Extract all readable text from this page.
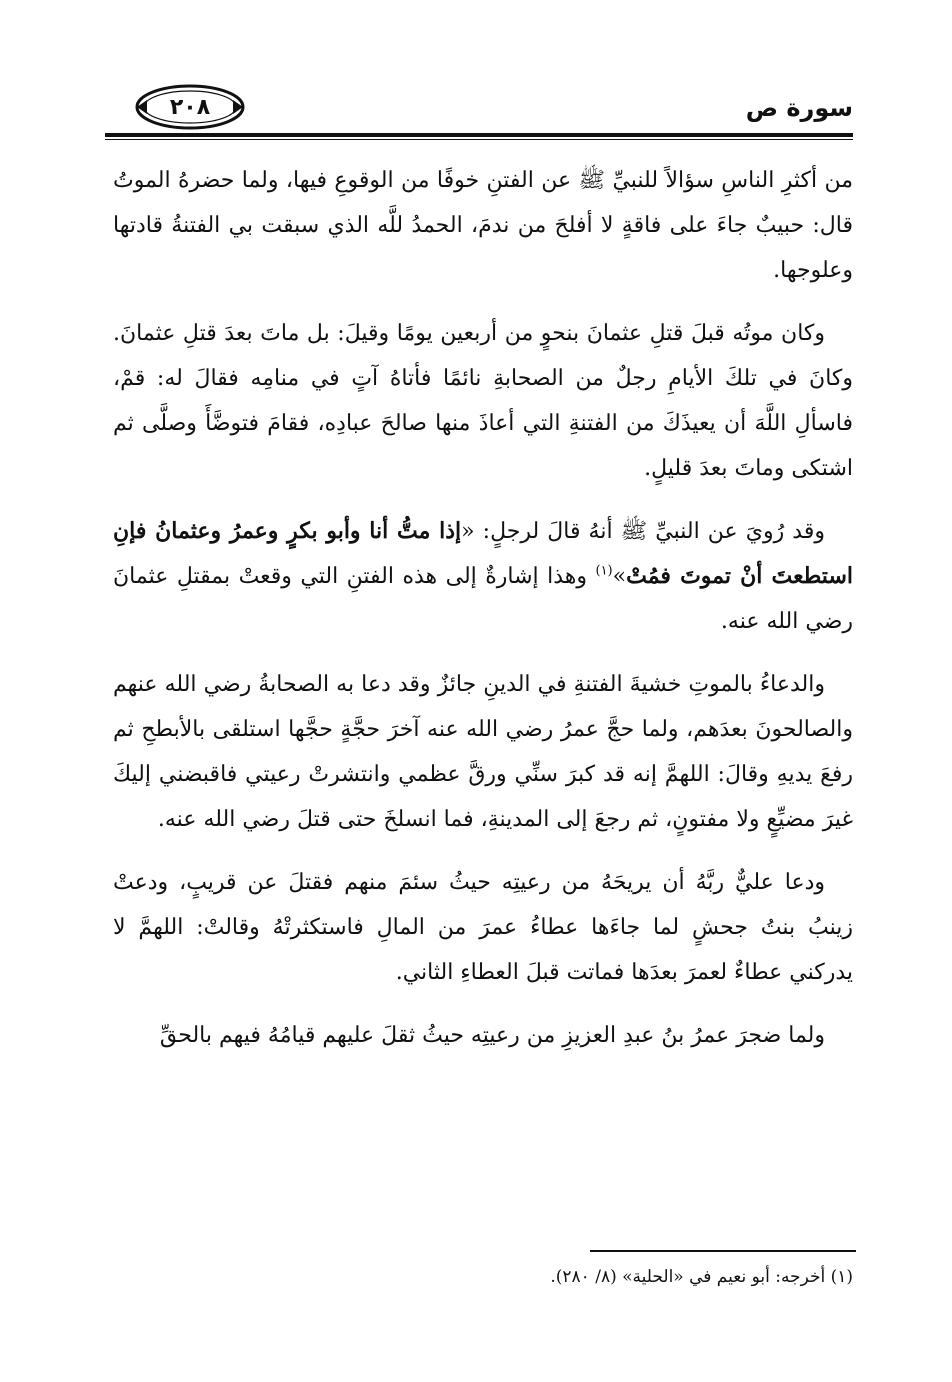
سورة ص
٢٠٨

من أكثرِ الناسِ سؤالاً للنبيِّ ﷺ عن الفتنِ خوفًا من الوقوعِ فيها، ولما حضرهُ الموتُ قال: حبيبٌ جاءَ على فاقةٍ لا أفلحَ من ندمَ، الحمدُ للَّه الذي سبقت بي الفتنةُ قادتها وعلوجها.

وكان موتُه قبلَ قتلِ عثمانَ بنحوٍ من أربعين يومًا وقيلَ: بل ماتَ بعدَ قتلِ عثمانَ. وكانَ في تلكَ الأيامِ رجلٌ من الصحابةِ نائمًا فأتاهُ آتٍ في منامِه فقالَ له: قمْ، فاسألِ اللَّهَ أن يعيذَكَ من الفتنةِ التي أعاذَ منها صالحَ عبادِه، فقامَ فتوضَّأَ وصلَّى ثم اشتكى وماتَ بعدَ قليلٍ.

وقد رُويَ عن النبيِّ ﷺ أنهُ قالَ لرجلٍ: «إذا متُّ أنا وأبو بكرٍ وعمرُ وعثمانُ فإنِ استطعتَ أنْ تموتَ فمُتْ»$^{(١)}$ وهذا إشارةٌ إلى هذه الفتنِ التي وقعتْ بمقتلِ عثمانَ رضي الله عنه.

والدعاءُ بالموتِ خشيةَ الفتنةِ في الدينِ جائزٌ وقد دعا به الصحابةُ رضي الله عنهم والصالحونَ بعدَهم، ولما حجَّ عمرُ رضي الله عنه آخرَ حجَّةٍ حجَّها استلقى بالأبطحِ ثم رفعَ يديهِ وقالَ: اللهمَّ إنه قد كبرَ سنِّي ورقَّ عظمي وانتشرتْ رعيتي فاقبضني إليكَ غيرَ مضيِّعٍ ولا مفتونٍ، ثم رجعَ إلى المدينةِ، فما انسلخَ حتى قتلَ رضي الله عنه.

ودعا عليٌّ ربَّهُ أن يريحَهُ من رعيتِه حيثُ سئمَ منهم فقتلَ عن قريبٍ، ودعتْ زينبُ بنتُ جحشٍ لما جاءَها عطاءُ عمرَ من المالِ فاستكثرتْهُ وقالتْ: اللهمَّ لا يدركني عطاءٌ لعمرَ بعدَها فماتت قبلَ العطاءِ الثاني.

ولما ضجرَ عمرُ بنُ عبدِ العزيزِ من رعيتِه حيثُ ثقلَ عليهم قيامُهُ فيهم بالحقِّ

(١) أخرجه: أبو نعيم في «الحلية» (٨/ ٢٨٠).
